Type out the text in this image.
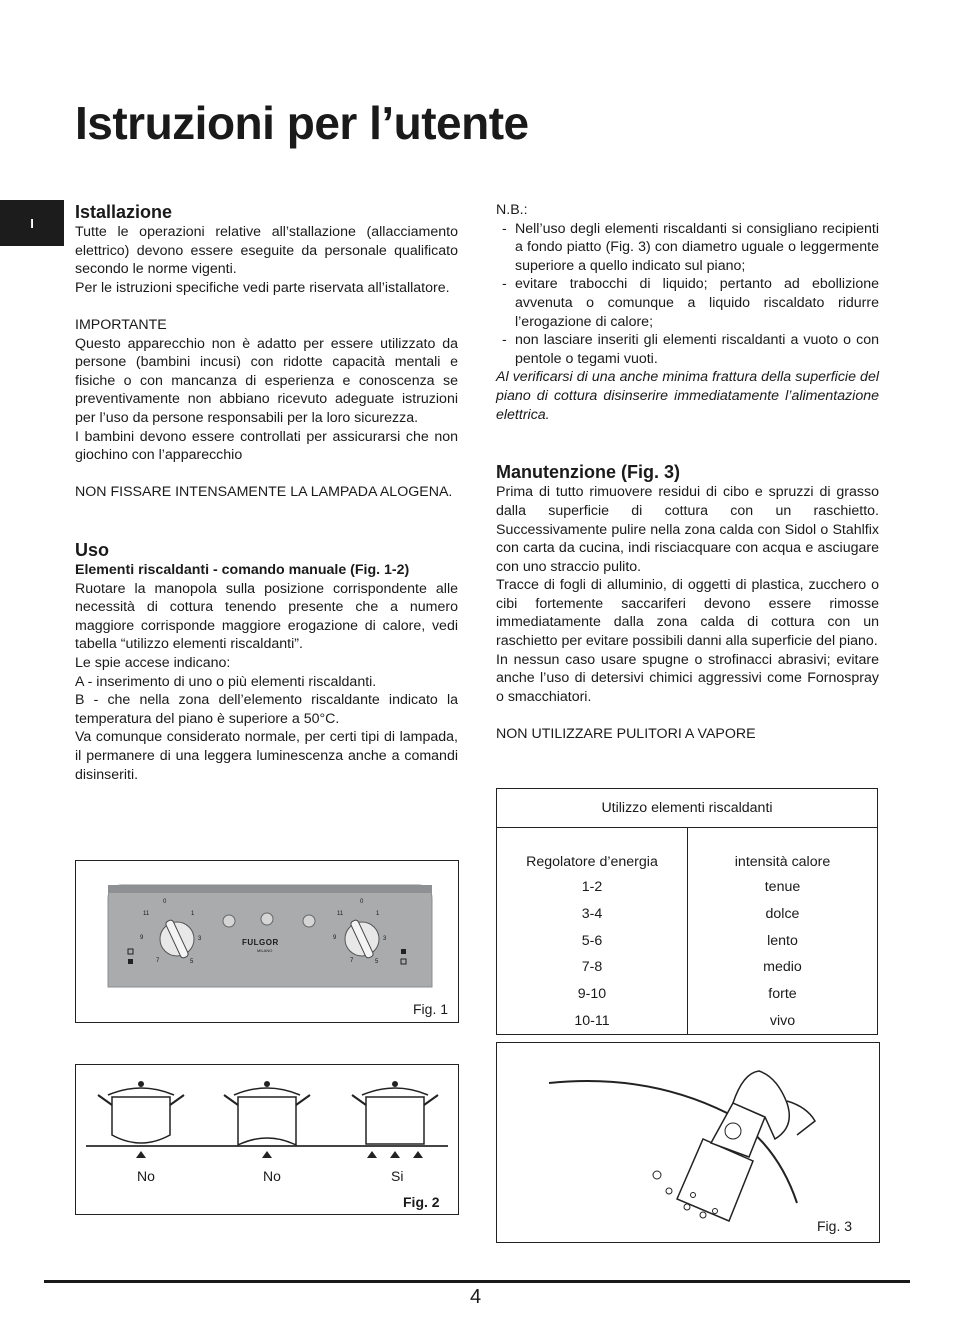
Istruzioni per l’utente
I
Istallazione

Tutte le operazioni relative all’stallazione (allacciamento elettrico) devono essere eseguite da personale qualificato secondo le norme vigenti.

Per le istruzioni specifiche vedi parte riservata all’istallatore.

IMPORTANTE

Questo apparecchio non è adatto per essere utilizzato da persone (bambini incusi) con ridotte capacità mentali e fisiche o con mancanza di esperienza e conoscenza se preventivamente non abbiano ricevuto adeguate istruzioni per l’uso da persone responsabili per la loro sicurezza.

I bambini devono essere controllati per assicurarsi che non giochino con l’apparecchio

NON FISSARE INTENSAMENTE LA LAMPADA ALOGENA.

Uso
Elementi riscaldanti - comando manuale (Fig. 1-2)

Ruotare la manopola sulla posizione corrispondente alle necessità di cottura tenendo presente che a numero maggiore corrisponde maggiore erogazione di calore, vedi tabella “utilizzo elementi riscaldanti”.

Le spie accese indicano:

A - inserimento di uno o più elementi riscaldanti.

B - che nella zona dell’elemento riscaldante indicato la temperatura del piano è superiore a 50°C.

Va comunque considerato normale, per certi tipi di lampada, il permanere di una leggera luminescenza anche a comandi disinseriti.

N.B.:

- Nell’uso degli elementi riscaldanti si consigliano recipienti a fondo piatto (Fig. 3) con diametro uguale o leggermente superiore a quello indicato sul piano;
- evitare trabocchi di liquido; pertanto ad ebollizione avvenuta o comunque a liquido riscaldato ridurre l’erogazione di calore;
- non lasciare inseriti gli elementi riscaldanti a vuoto o con pentole o tegami vuoti.

Al verificarsi di una anche minima frattura della superficie del piano di cottura disinserire immediatamente l’alimentazione elettrica.

Manutenzione (Fig. 3)

Prima di tutto rimuovere residui di cibo e spruzzi di grasso dalla superficie di cottura con un raschietto. Successivamente pulire nella zona calda con Sidol o Stahlfix con carta da cucina, indi risciacquare con acqua e asciugare con uno straccio pulito.

Tracce di fogli di alluminio, di oggetti di plastica, zucchero o cibi fortemente saccariferi devono essere rimosse immediatamente dalla zona calda di cottura con un raschietto per evitare possibili danni alla superficie del piano.

In nessun caso usare spugne o strofinacci abrasivi; evitare anche l’uso di detersivi chimici aggressivi come Fornospray o smacchiatori.

NON UTILIZZARE PULITORI A VAPORE

Utilizzo elementi riscaldanti	
Regolatore d’energia	intensità calore
1-2	tenue
3-4	dolce
5-6	lento
7-8	medio
9-10	forte
10-11	vivo
0
1
3
5
7
9
11
0
1
3
5
7
9
11
FULGOR
MILANO
Fig. 1
No	No	Si
Fig. 2
Fig. 3
4
